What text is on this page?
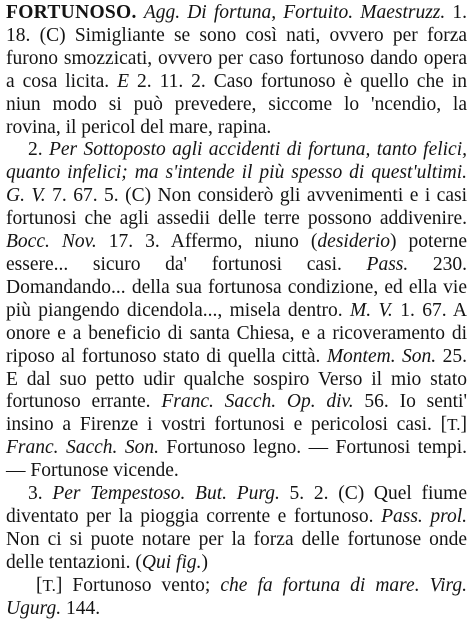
FORTUNOSO. Agg. Di fortuna, Fortuito. Maestruzz. 1. 18. (C) Simigliante se sono così nati, ovvero per forza furono smozzicati, ovvero per caso fortunoso dando opera a cosa licita. E 2. 11. 2. Caso fortunoso è quello che in niun modo si può prevedere, siccome lo 'ncendio, la rovina, il pericol del mare, rapina.
2. Per Sottoposto agli accidenti di fortuna, tanto felici, quanto infelici; ma s'intende il più spesso di quest'ultimi. G. V. 7. 67. 5. (C) Non considerò gli avvenimenti e i casi fortunosi che agli assedii delle terre possono addivenire. Bocc. Nov. 17. 3. Affermo, niuno (desiderio) poterne essere... sicuro da' fortunosi casi. Pass. 230. Domandando... della sua fortunosa condizione, ed ella vie più piangendo dicendola..., misela dentro. M. V. 1. 67. A onore e a beneficio di santa Chiesa, e a ricoveramento di riposo al fortunoso stato di quella città. Montem. Son. 25. E dal suo petto udir qualche sospiro Verso il mio stato fortunoso errante. Franc. Sacch. Op. div. 56. Io senti' insino a Firenze i vostri fortunosi e pericolosi casi. [T.] Franc. Sacch. Son. Fortunoso legno. — Fortunosi tempi. — Fortunose vicende.
3. Per Tempestoso. But. Purg. 5. 2. (C) Quel fiume diventato per la pioggia corrente e fortunoso. Pass. prol. Non ci si puote notare per la forza delle fortunose onde delle tentazioni. (Qui fig.)
[T.] Fortunoso vento; che fa fortuna di mare. Virg. Ugurg. 144.
